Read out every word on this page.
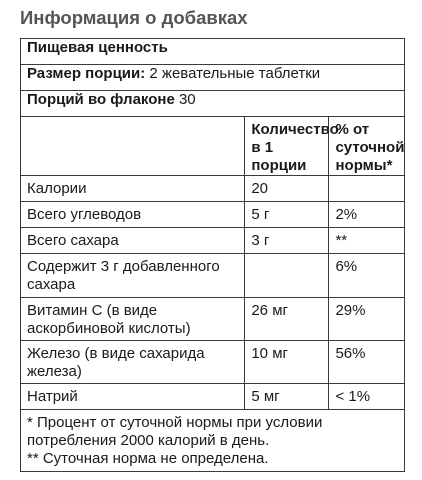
Информация о добавках
Пищевая ценность		
Размер порции: 2 жевательные таблетки		
Порций во флаконе 30		
	Количество в 1 порции	% от суточной нормы*
Калории	20	
Всего углеводов	5 г	2%
Всего сахара	3 г	**
Содержит 3 г добавленного сахара		6%
Витамин C (в виде аскорбиновой кислоты)	26 мг	29%
Железо (в виде сахарида железа)	10 мг	56%
Натрий	5 мг	< 1%

* Процент от суточной нормы при условии
потребления 2000 калорий в день.
** Суточная норма не определена.		
